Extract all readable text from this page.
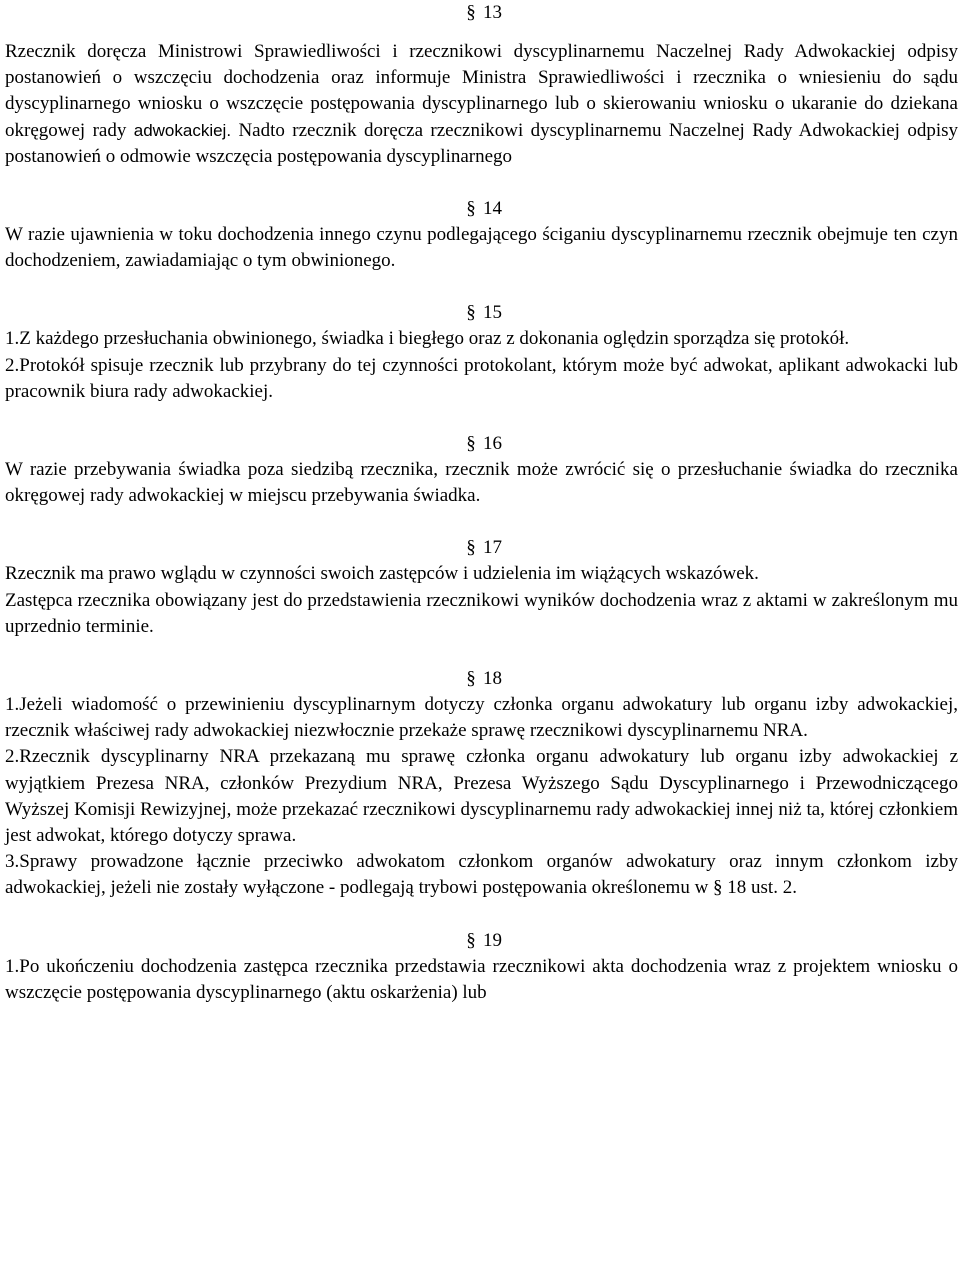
§ 13

Rzecznik doręcza Ministrowi Sprawiedliwości i rzecznikowi dyscyplinarnemu Naczelnej Rady Adwokackiej odpisy postanowień o wszczęciu dochodzenia oraz informuje Ministra Sprawiedliwości i rzecznika o wniesieniu do sądu dyscyplinarnego wniosku o wszczęcie postępowania dyscyplinarnego lub o skierowaniu wniosku o ukaranie do dziekana okręgowej rady adwokackiej. Nadto rzecznik doręcza rzecznikowi dyscyplinarnemu Naczelnej Rady Adwokackiej odpisy postanowień o odmowie wszczęcia postępowania dyscyplinarnego

§ 14

W razie ujawnienia w toku dochodzenia innego czynu podlegającego ściganiu dyscyplinarnemu rzecznik obejmuje ten czyn dochodzeniem, zawiadamiając o tym obwinionego.

§ 15

1.Z każdego przesłuchania obwinionego, świadka i biegłego oraz z dokonania oględzin sporządza się protokół.

2.Protokół spisuje rzecznik lub przybrany do tej czynności protokolant, którym może być adwokat, aplikant adwokacki lub pracownik biura rady adwokackiej.

§ 16

W razie przebywania świadka poza siedzibą rzecznika, rzecznik może zwrócić się o przesłuchanie świadka do rzecznika okręgowej rady adwokackiej w miejscu przebywania świadka.

§ 17

Rzecznik ma prawo wglądu w czynności swoich zastępców i udzielenia im wiążących wskazówek.

Zastępca rzecznika obowiązany jest do przedstawienia rzecznikowi wyników dochodzenia wraz z aktami w zakreślonym mu uprzednio terminie.

§ 18

1.Jeżeli wiadomość o przewinieniu dyscyplinarnym dotyczy członka organu adwokatury lub organu izby adwokackiej, rzecznik właściwej rady adwokackiej niezwłocznie przekaże sprawę rzecznikowi dyscyplinarnemu NRA.

2.Rzecznik dyscyplinarny NRA przekazaną mu sprawę członka organu adwokatury lub organu izby adwokackiej z wyjątkiem Prezesa NRA, członków Prezydium NRA, Prezesa Wyższego Sądu Dyscyplinarnego i Przewodniczącego Wyższej Komisji Rewizyjnej, może przekazać rzecznikowi dyscyplinarnemu rady adwokackiej innej niż ta, której członkiem jest adwokat, którego dotyczy sprawa.

3.Sprawy prowadzone łącznie przeciwko adwokatom członkom organów adwokatury oraz innym członkom izby adwokackiej, jeżeli nie zostały wyłączone - podlegają trybowi postępowania określonemu w § 18 ust. 2.

§ 19

1.Po ukończeniu dochodzenia zastępca rzecznika przedstawia rzecznikowi akta dochodzenia wraz z projektem wniosku o wszczęcie postępowania dyscyplinarnego (aktu oskarżenia) lub
